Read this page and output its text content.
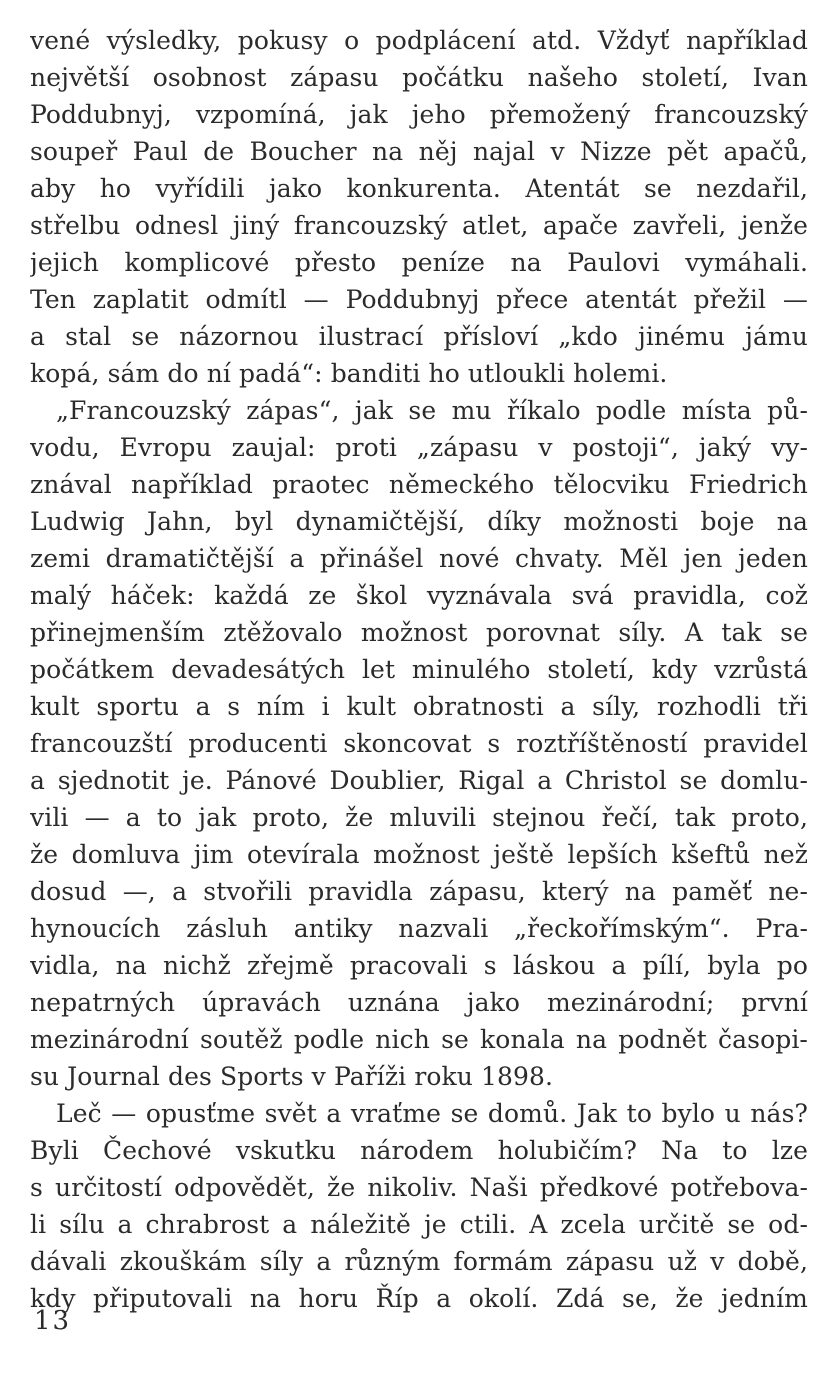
vené výsledky, pokusy o podplácení atd. Vždyť například
největší osobnost zápasu počátku našeho století, Ivan
Poddubnyj, vzpomíná, jak jeho přemožený francouzský
soupeř Paul de Boucher na něj najal v Nizze pět apačů,
aby ho vyřídili jako konkurenta. Atentát se nezdařil,
střelbu odnesl jiný francouzský atlet, apače zavřeli, jenže
jejich komplicové přesto peníze na Paulovi vymáhali.
Ten zaplatit odmítl — Poddubnyj přece atentát přežil —
a stal se názornou ilustrací přísloví „kdo jinému jámu
kopá, sám do ní padá“: banditi ho utloukli holemi.
„Francouzský zápas“, jak se mu říkalo podle místa pů-
vodu, Evropu zaujal: proti „zápasu v postoji“, jaký vy-
znával například praotec německého tělocviku Friedrich
Ludwig Jahn, byl dynamičtější, díky možnosti boje na
zemi dramatičtější a přinášel nové chvaty. Měl jen jeden
malý háček: každá ze škol vyznávala svá pravidla, což
přinejmenším ztěžovalo možnost porovnat síly. A tak se
počátkem devadesátých let minulého století, kdy vzrůstá
kult sportu a s ním i kult obratnosti a síly, rozhodli tři
francouzští producenti skoncovat s roztříštěností pravidel
a sjednotit je. Pánové Doublier, Rigal a Christol se domlu-
vili — a to jak proto, že mluvili stejnou řečí, tak proto,
že domluva jim otevírala možnost ještě lepších kšeftů než
dosud —, a stvořili pravidla zápasu, který na paměť ne-
hynoucích zásluh antiky nazvali „řeckořímským“. Pra-
vidla, na nichž zřejmě pracovali s láskou a pílí, byla po
nepatrných úpravách uznána jako mezinárodní; první
mezinárodní soutěž podle nich se konala na podnět časopi-
su Journal des Sports v Paříži roku 1898.
Leč — opusťme svět a vraťme se domů. Jak to bylo u nás?
Byli Čechové vskutku národem holubičím? Na to lze
s určitostí odpovědět, že nikoliv. Naši předkové potřebova-
li sílu a chrabrost a náležitě je ctili. A zcela určitě se od-
dávali zkouškám síly a různým formám zápasu už v době,
kdy připutovali na horu Říp a okolí. Zdá se, že jedním
13
